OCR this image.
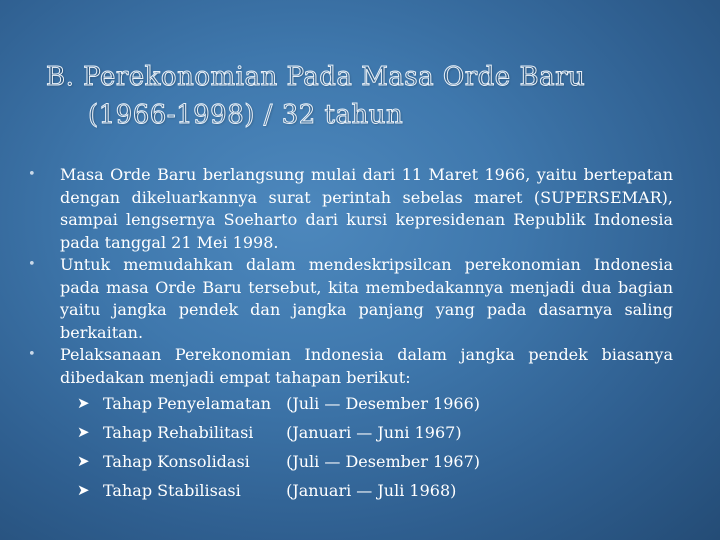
B. Perekonomian Pada Masa Orde Baru
(1966-1998) / 32 tahun

•	Masa Orde Baru berlangsung mulai dari 11 Maret 1966, yaitu bertepatan dengan dikeluarkannya surat perintah sebelas maret (SUPERSEMAR), sampai lengsernya Soeharto dari kursi kepresidenan Republik Indonesia pada tanggal 21 Mei 1998.

•	Untuk memudahkan dalam mendeskripsilcan perekonomian Indonesia pada masa Orde Baru tersebut, kita membedakannya menjadi dua bagian yaitu jangka pendek dan jangka panjang yang pada dasarnya saling berkaitan.

•	Pelaksanaan Perekonomian Indonesia dalam jangka pendek biasanya dibedakan menjadi empat tahapan berikut:

➤ Tahap Penyelamatan (Juli — Desember 1966)
➤ Tahap Rehabilitasi (Januari — Juni 1967)
➤ Tahap Konsolidasi (Juli — Desember 1967)
➤ Tahap Stabilisasi	(Januari — Juli 1968)
